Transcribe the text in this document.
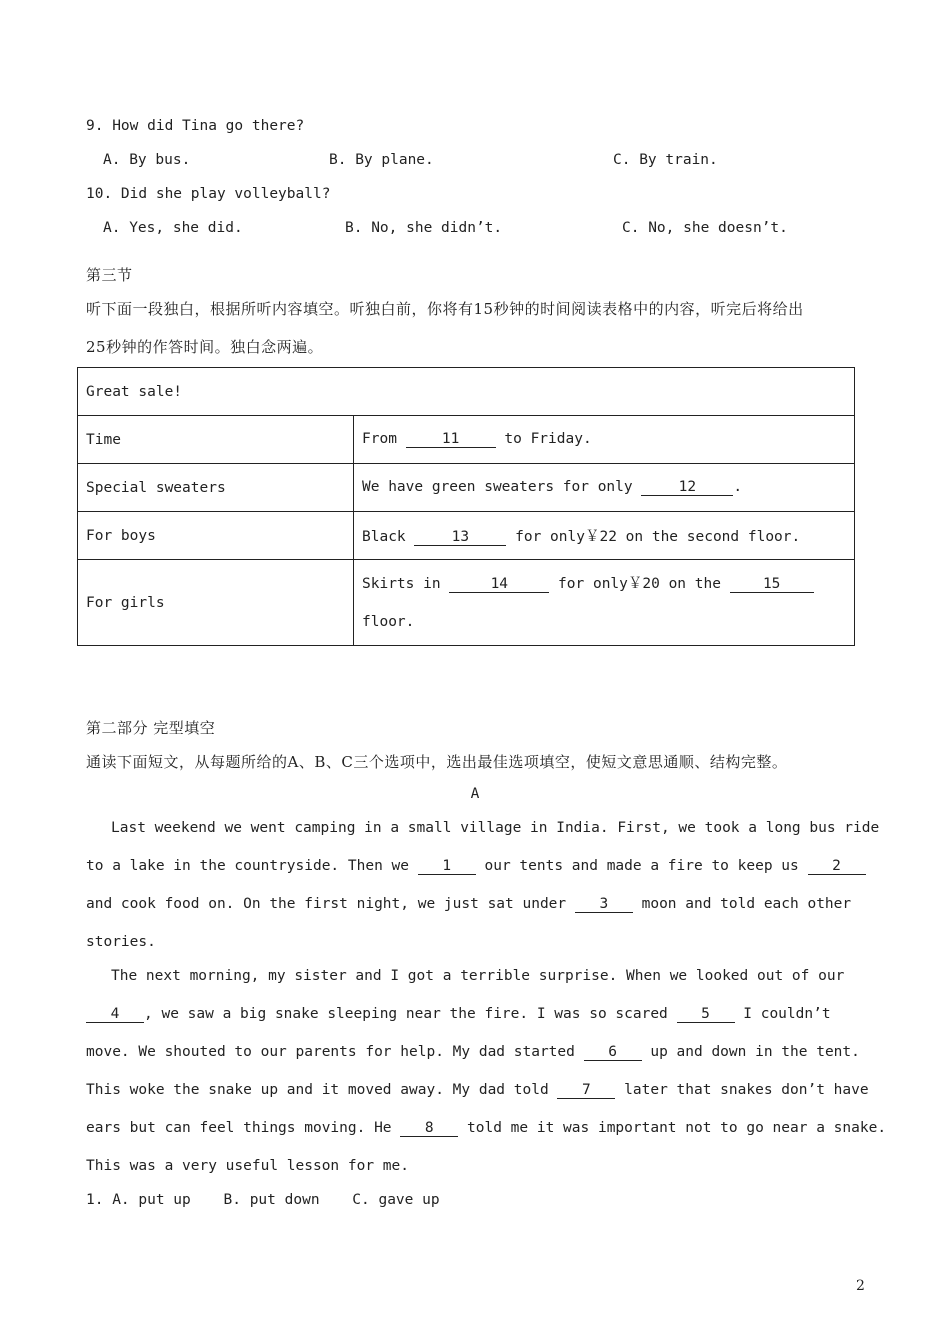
9. How did Tina go there?
A. By bus.	B. By plane.	C. By train.
10. Did she play volleyball?
A. Yes, she did.	B. No, she didn’t.	C. No, she doesn’t.
第三节
听下面一段独白，根据所听内容填空。听独白前，你将有15秒钟的时间阅读表格中的内容，听完后将给出
25秒钟的作答时间。独白念两遍。
Great sale!	
Time	From 11 to Friday.
Special sweaters	We have green sweaters for only 12 .
For boys	Black 13 for only￥22 on the second floor.
For girls	Skirts in 14 for only￥20 on the 15
floor.
第二部分 完型填空
通读下面短文，从每题所给的A、B、C三个选项中，选出最佳选项填空，使短文意思通顺、结构完整。
A
Last weekend we went camping in a small village in India. First, we took a long bus ride
to a lake in the countryside. Then we 1 our tents and made a fire to keep us 2
and cook food on. On the first night, we just sat under 3 moon and told each other
stories.
The next morning, my sister and I got a terrible surprise. When we looked out of our
4 , we saw a big snake sleeping near the fire. I was so scared 5 I couldn’t
move. We shouted to our parents for help. My dad started 6 up and down in the tent.
This woke the snake up and it moved away. My dad told 7 later that snakes don’t have
ears but can feel things moving. He 8 told me it was important not to go near a snake.
This was a very useful lesson for me.
1. A. put up B. put down C. gave up
2
